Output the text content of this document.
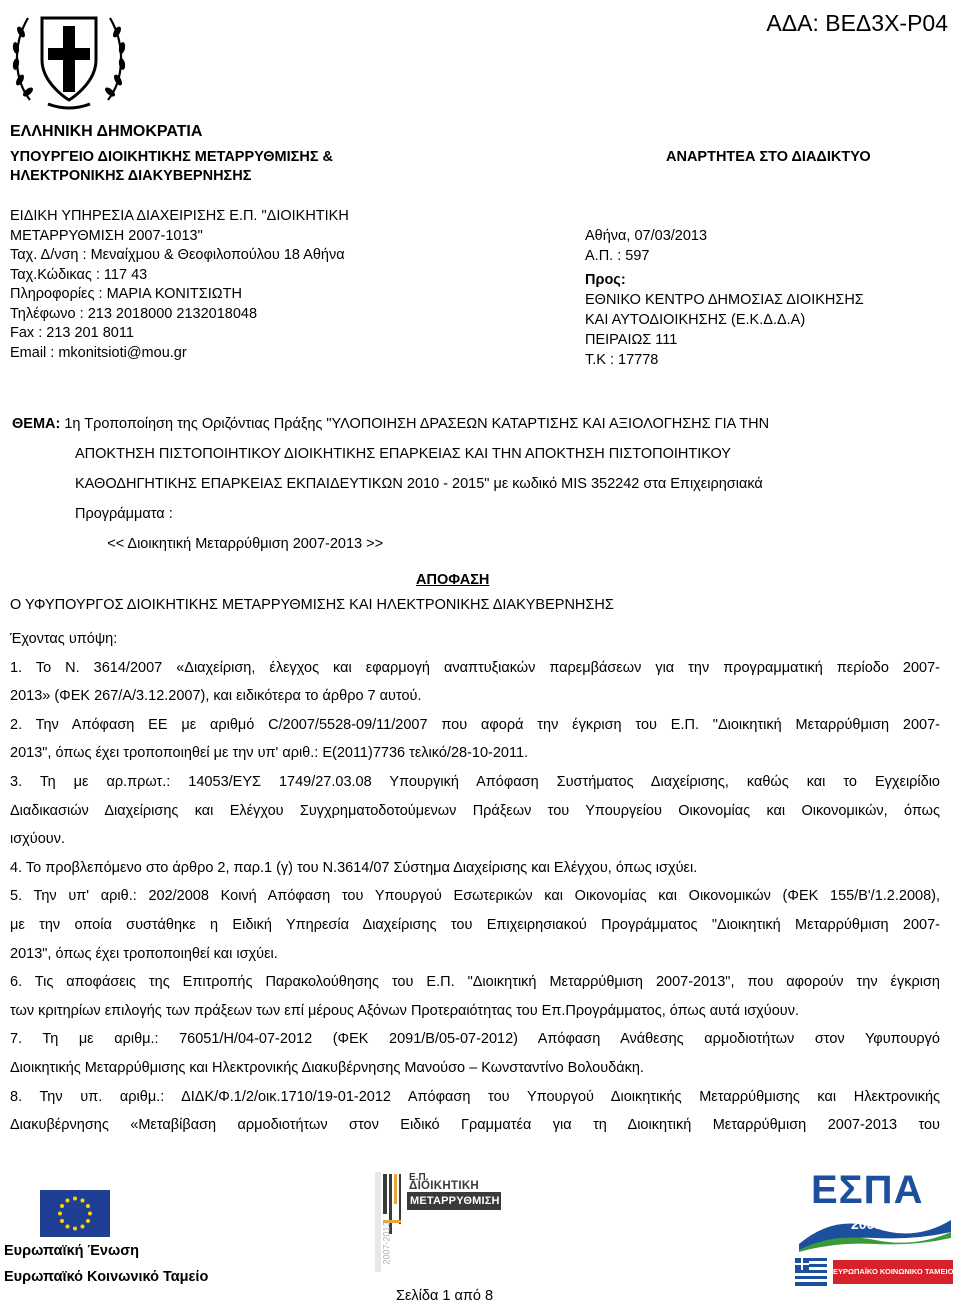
ΑΔΑ: ΒΕΔ3Χ-Ρ04
ΕΛΛΗΝΙΚΗ ΔΗΜΟΚΡΑΤΙΑ
ΥΠΟΥΡΓΕΙΟ ΔΙΟΙΚΗΤΙΚΗΣ ΜΕΤΑΡΡΥΘΜΙΣΗΣ &
ΗΛΕΚΤΡΟΝΙΚΗΣ ΔΙΑΚΥΒΕΡΝΗΣΗΣ
ΑΝΑΡΤΗΤΕΑ ΣΤΟ ΔΙΑΔΙΚΤΥΟ
ΕΙΔΙΚΗ ΥΠΗΡΕΣΙΑ ΔΙΑΧΕΙΡΙΣΗΣ Ε.Π. "ΔΙΟΙΚΗΤΙΚΗ
ΜΕΤΑΡΡΥΘΜΙΣΗ 2007-1013"
Ταχ. Δ/νση : Μεναίχμου & Θεοφιλοπούλου 18 Αθήνα
Ταχ.Κώδικας : 117 43
Πληροφορίες : ΜΑΡΙΑ ΚΟΝΙΤΣΙΩΤΗ
Τηλέφωνο : 213 2018000 2132018048
Fax : 213 201 8011
Email : mkonitsioti@mou.gr
Αθήνα, 07/03/2013
Α.Π. : 597
Προς:
ΕΘΝΙΚΟ ΚΕΝΤΡΟ ΔΗΜΟΣΙΑΣ ΔΙΟΙΚΗΣΗΣ
ΚΑΙ ΑΥΤΟΔΙΟΙΚΗΣΗΣ (Ε.Κ.Δ.Δ.Α)
ΠΕΙΡΑΙΩΣ 111
Τ.Κ : 17778
ΘΕΜΑ: 1η Τροποποίηση της Οριζόντιας Πράξης "ΥΛΟΠΟΙΗΣΗ ΔΡΑΣΕΩΝ ΚΑΤΑΡΤΙΣΗΣ ΚΑΙ ΑΞΙΟΛΟΓΗΣΗΣ ΓΙΑ ΤΗΝ
ΑΠΟΚΤΗΣΗ ΠΙΣΤΟΠΟΙΗΤΙΚΟΥ ΔΙΟΙΚΗΤΙΚΗΣ ΕΠΑΡΚΕΙΑΣ ΚΑΙ ΤΗΝ ΑΠΟΚΤΗΣΗ ΠΙΣΤΟΠΟΙΗΤΙΚΟΥ
ΚΑΘΟΔΗΓΗΤΙΚΗΣ ΕΠΑΡΚΕΙΑΣ ΕΚΠΑΙΔΕΥΤΙΚΩΝ 2010 - 2015" με κωδικό MIS 352242 στα Επιχειρησιακά
Προγράμματα :
<< Διοικητική Μεταρρύθμιση 2007-2013 >>
ΑΠΟΦΑΣΗ
Ο ΥΦΥΠΟΥΡΓΟΣ ΔΙΟΙΚΗΤΙΚΗΣ ΜΕΤΑΡΡΥΘΜΙΣΗΣ ΚΑΙ ΗΛΕΚΤΡΟΝΙΚΗΣ ΔΙΑΚΥΒΕΡΝΗΣΗΣ

Έχοντας υπόψη:

1. Το Ν. 3614/2007 «Διαχείριση, έλεγχος και εφαρμογή αναπτυξιακών παρεμβάσεων για την προγραμματική περίοδο 2007-

2013» (ΦΕΚ 267/Α/3.12.2007), και ειδικότερα το άρθρο 7 αυτού.

2. Την Απόφαση ΕΕ με αριθμό C/2007/5528-09/11/2007 που αφορά την έγκριση του Ε.Π. "Διοικητική Μεταρρύθμιση 2007-

2013", όπως έχει τροποποιηθεί με την υπ' αριθ.: Ε(2011)7736 τελικό/28-10-2011.

3. Τη με αρ.πρωτ.: 14053/ΕΥΣ 1749/27.03.08 Υπουργική Απόφαση Συστήματος Διαχείρισης, καθώς και το Εγχειρίδιο

Διαδικασιών Διαχείρισης και Ελέγχου Συγχρηματοδοτούμενων Πράξεων του Υπουργείου Οικονομίας και Οικονομικών, όπως

ισχύουν.

4. Το προβλεπόμενο στο άρθρο 2, παρ.1 (γ) του Ν.3614/07 Σύστημα Διαχείρισης και Ελέγχου, όπως ισχύει.

5. Την υπ' αριθ.: 202/2008 Κοινή Απόφαση του Υπουργού Εσωτερικών και Οικονομίας και Οικονομικών (ΦΕΚ 155/Β'/1.2.2008),

με την οποία συστάθηκε η Ειδική Υπηρεσία Διαχείρισης του Επιχειρησιακού Προγράμματος "Διοικητική Μεταρρύθμιση 2007-

2013", όπως έχει τροποποιηθεί και ισχύει.

6. Τις αποφάσεις της Επιτροπής Παρακολούθησης του Ε.Π. "Διοικητική Μεταρρύθμιση 2007-2013", που αφορούν την έγκριση

των κριτηρίων επιλογής των πράξεων των επί μέρους Αξόνων Προτεραιότητας του Επ.Προγράμματος, όπως αυτά ισχύουν.

7. Τη με αριθμ.: 76051/Η/04-07-2012 (ΦΕΚ 2091/Β/05-07-2012) Απόφαση Ανάθεσης αρμοδιοτήτων στον Υφυπουργό

Διοικητικής Μεταρρύθμισης και Ηλεκτρονικής Διακυβέρνησης Μανούσο – Κωνσταντίνο Βολουδάκη.

8. Την υπ. αριθμ.: ΔΙΔΚ/Φ.1/2/οικ.1710/19-01-2012 Απόφαση του Υπουργού Διοικητικής Μεταρρύθμισης και Ηλεκτρονικής

Διακυβέρνησης «Μεταβίβαση αρμοδιοτήτων στον Ειδικό Γραμματέα για τη Διοικητική Μεταρρύθμιση 2007-2013 του

Ευρωπαϊκή Ένωση
Ευρωπαϊκό Κοινωνικό Ταμείο
Ε.Π.
ΔΙΟΙΚΗΤΙΚΗ
ΜΕΤΑΡΡΥΘΜΙΣΗ
2007-2013
ΕΣΠΑ
2007-2013
ΕΥΡΩΠΑΪΚΟ ΚΟΙΝΩΝΙΚΟ ΤΑΜΕΙΟ
Σελίδα 1 από 8
